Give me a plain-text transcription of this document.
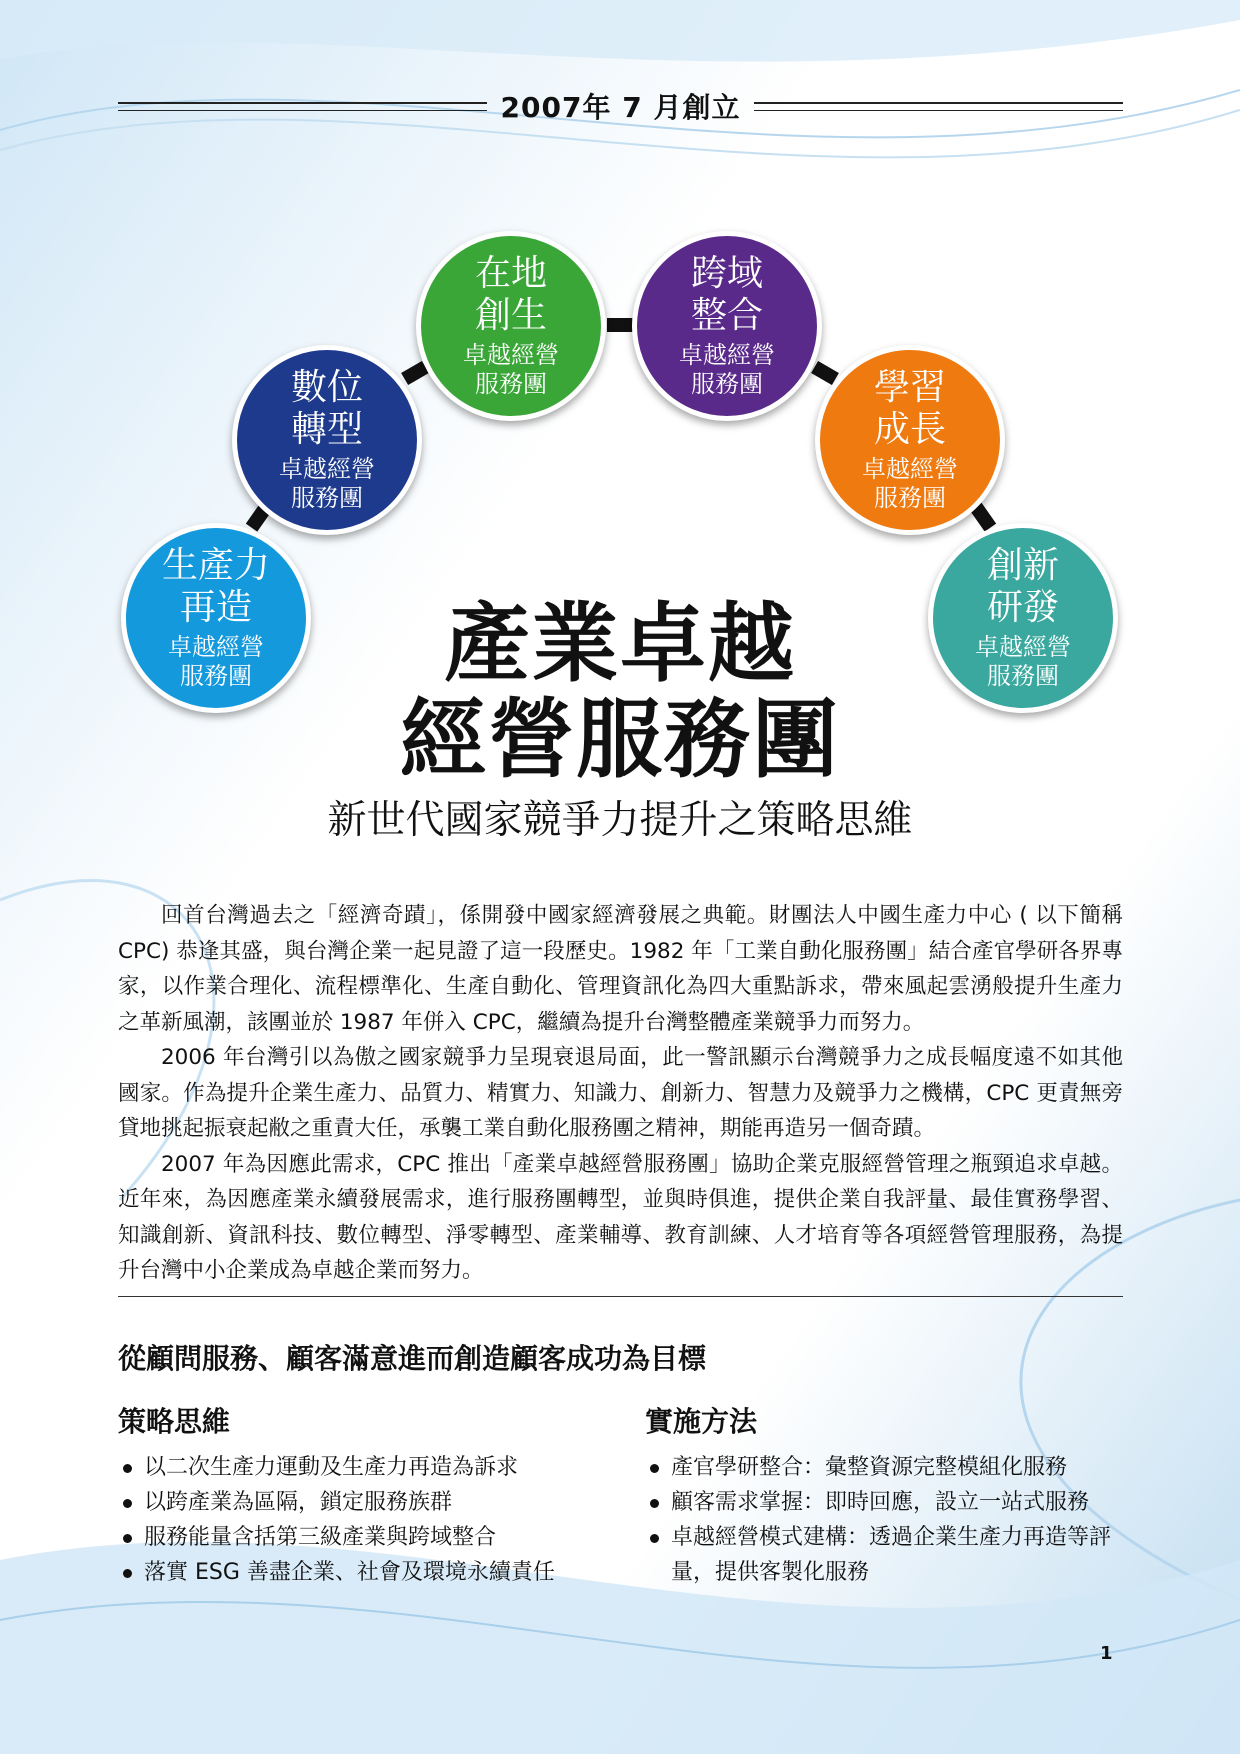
2007年 7 月創立
生產力
再造
卓越經營
服務團
數位
轉型
卓越經營
服務團
在地
創生
卓越經營
服務團
跨域
整合
卓越經營
服務團	學習
成長
卓越經營
服務團
創新
研發
卓越經營
服務團
產業卓越
經營服務團
新世代國家競爭力提升之策略思維

回首台灣過去之「經濟奇蹟」，係開發中國家經濟發展之典範。財團法人中國生產力中心 ( 以下簡稱 CPC) 恭逢其盛，與台灣企業一起見證了這一段歷史。1982 年「工業自動化服務團」結合產官學研各界專家，以作業合理化、流程標準化、生產自動化、管理資訊化為四大重點訴求，帶來風起雲湧般提升生產力之革新風潮，該團並於 1987 年併入 CPC，繼續為提升台灣整體產業競爭力而努力。

2006 年台灣引以為傲之國家競爭力呈現衰退局面，此一警訊顯示台灣競爭力之成長幅度遠不如其他國家。作為提升企業生產力、品質力、精實力、知識力、創新力、智慧力及競爭力之機構，CPC 更責無旁貸地挑起振衰起敝之重責大任，承襲工業自動化服務團之精神，期能再造另一個奇蹟。

2007 年為因應此需求，CPC 推出「產業卓越經營服務團」協助企業克服經營管理之瓶頸追求卓越。近年來，為因應產業永續發展需求，進行服務團轉型，並與時俱進，提供企業自我評量、最佳實務學習、知識創新、資訊科技、數位轉型、淨零轉型、產業輔導、教育訓練、人才培育等各項經營管理服務，為提升台灣中小企業成為卓越企業而努力。

從顧問服務、顧客滿意進而創造顧客成功為目標
策略思維
以二次生產力運動及生產力再造為訴求
以跨產業為區隔，鎖定服務族群
服務能量含括第三級產業與跨域整合
落實 ESG 善盡企業、社會及環境永續責任
實施方法
產官學研整合：彙整資源完整模組化服務
顧客需求掌握：即時回應，設立一站式服務
卓越經營模式建構：透過企業生產力再造等評量，提供客製化服務
1
